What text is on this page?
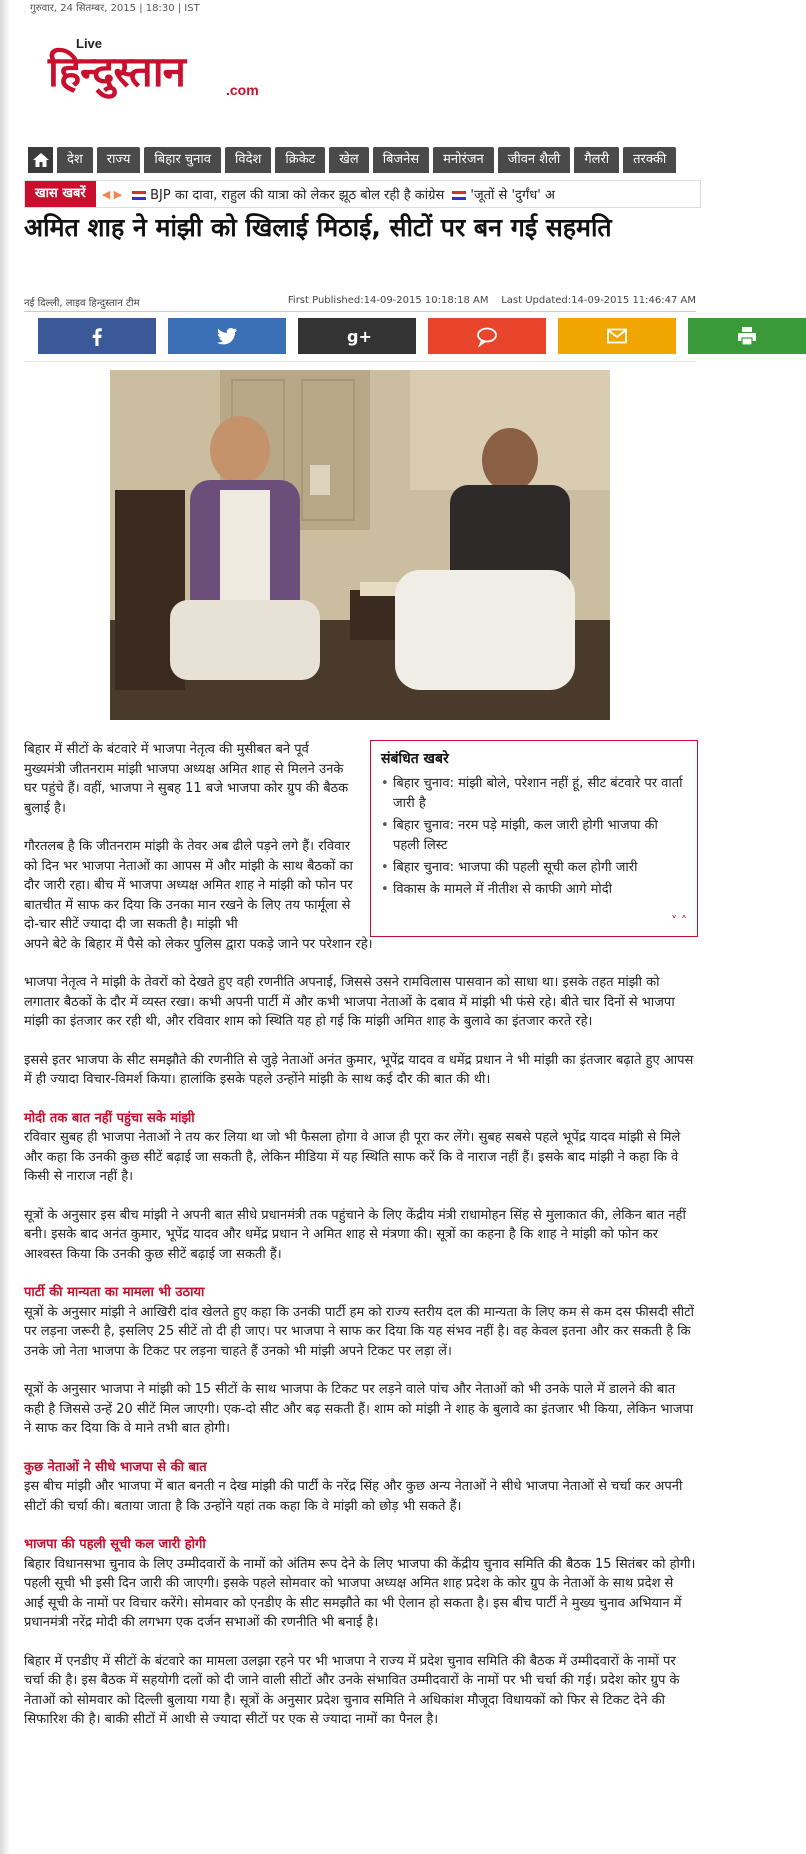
गुरुवार, 24 सितम्बर, 2015 | 18:30 | IST
Live
हिन्दुस्तान	.com
देश	राज्य	बिहार चुनाव	विदेश	क्रिकेट	खेल	बिजनेस	मनोरंजन	जीवन शैली	गैलरी	तरक्की
खास खबरें	◀ ▶	BJP का दावा, राहुल की यात्रा को लेकर झूठ बोल रही है कांग्रेस 'जूतों से 'दुर्गंध' अ
अमित शाह ने मांझी को खिलाई मिठाई, सीटों पर बन गई सहमति
नई दिल्ली, लाइव हिन्दुस्तान टीम	First Published:14-09-2015 10:18:18 AM Last Updated:14-09-2015 11:46:47 AM
g+
संबंधित खबरे
• बिहार चुनाव: मांझी बोले, परेशान नहीं हूं, सीट बंटवारे पर वार्ता जारी है
• बिहार चुनाव: नरम पड़े मांझी, कल जारी होगी भाजपा की पहली लिस्ट
• बिहार चुनाव: भाजपा की पहली सूची कल होगी जारी
• विकास के मामले में नीतीश से काफी आगे मोदी
˅ ˄

बिहार में सीटों के बंटवारे में भाजपा नेतृत्व की मुसीबत बने पूर्व मुख्यमंत्री जीतनराम मांझी भाजपा अध्यक्ष अमित शाह से मिलने उनके घर पहुंचे हैं। वहीं, भाजपा ने सुबह 11 बजे भाजपा कोर ग्रुप की बैठक बुलाई है।

गौरतलब है कि जीतनराम मांझी के तेवर अब ढीले पड़ने लगे हैं। रविवार को दिन भर भाजपा नेताओं का आपस में और मांझी के साथ बैठकों का दौर जारी रहा। बीच में भाजपा अध्यक्ष अमित शाह ने मांझी को फोन पर बातचीत में साफ कर दिया कि उनका मान रखने के लिए तय फार्मूला से दो-चार सीटें ज्यादा दी जा सकती है। मांझी भी

अपने बेटे के बिहार में पैसे को लेकर पुलिस द्वारा पकड़े जाने पर परेशान रहे।

भाजपा नेतृत्व ने मांझी के तेवरों को देखते हुए वही रणनीति अपनाई, जिससे उसने रामविलास पासवान को साधा था। इसके तहत मांझी को लगातार बैठकों के दौर में व्यस्त रखा। कभी अपनी पार्टी में और कभी भाजपा नेताओं के दबाव में मांझी भी फंसे रहे। बीते चार दिनों से भाजपा मांझी का इंतजार कर रही थी, और रविवार शाम को स्थिति यह हो गई कि मांझी अमित शाह के बुलावे का इंतजार करते रहे।

इससे इतर भाजपा के सीट समझौते की रणनीति से जुड़े नेताओं अनंत कुमार, भूपेंद्र यादव व धमेंद्र प्रधान ने भी मांझी का इंतजार बढ़ाते हुए आपस में ही ज्यादा विचार-विमर्श किया। हालांकि इसके पहले उन्होंने मांझी के साथ कई दौर की बात की थी।

मोदी तक बात नहीं पहुंचा सके मांझी

रविवार सुबह ही भाजपा नेताओं ने तय कर लिया था जो भी फैसला होगा वे आज ही पूरा कर लेंगे। सुबह सबसे पहले भूपेंद्र यादव मांझी से मिले और कहा कि उनकी कुछ सीटें बढ़ाई जा सकती है, लेकिन मीडिया में यह स्थिति साफ करें कि वे नाराज नहीं हैं। इसके बाद मांझी ने कहा कि वे किसी से नाराज नहीं है।

सूत्रों के अनुसार इस बीच मांझी ने अपनी बात सीधे प्रधानमंत्री तक पहुंचाने के लिए केंद्रीय मंत्री राधामोहन सिंह से मुलाकात की, लेकिन बात नहीं बनी। इसके बाद अनंत कुमार, भूपेंद्र यादव और धमेंद्र प्रधान ने अमित शाह से मंत्रणा की। सूत्रों का कहना है कि शाह ने मांझी को फोन कर आश्वस्त किया कि उनकी कुछ सीटें बढ़ाई जा सकती हैं।

पार्टी की मान्यता का मामला भी उठाया

सूत्रों के अनुसार मांझी ने आखिरी दांव खेलते हुए कहा कि उनकी पार्टी हम को राज्य स्तरीय दल की मान्यता के लिए कम से कम दस फीसदी सीटों पर लड़ना जरूरी है, इसलिए 25 सीटें तो दी ही जाए। पर भाजपा ने साफ कर दिया कि यह संभव नहीं है। वह केवल इतना और कर सकती है कि उनके जो नेता भाजपा के टिकट पर लड़ना चाहते हैं उनको भी मांझी अपने टिकट पर लड़ा लें।

सूत्रों के अनुसार भाजपा ने मांझी को 15 सीटों के साथ भाजपा के टिकट पर लड़ने वाले पांच और नेताओं को भी उनके पाले में डालने की बात कही है जिससे उन्हें 20 सीटें मिल जाएगी। एक-दो सीट और बढ़ सकती हैं। शाम को मांझी ने शाह के बुलावे का इंतजार भी किया, लेकिन भाजपा ने साफ कर दिया कि वे माने तभी बात होगी।

कुछ नेताओं ने सीधे भाजपा से की बात

इस बीच मांझी और भाजपा में बात बनती न देख मांझी की पार्टी के नरेंद्र सिंह और कुछ अन्य नेताओं ने सीधे भाजपा नेताओं से चर्चा कर अपनी सीटों की चर्चा की। बताया जाता है कि उन्होंने यहां तक कहा कि वे मांझी को छोड़ भी सकते हैं।

भाजपा की पहली सूची कल जारी होगी

बिहार विधानसभा चुनाव के लिए उम्मीदवारों के नामों को अंतिम रूप देने के लिए भाजपा की केंद्रीय चुनाव समिति की बैठक 15 सितंबर को होगी। पहली सूची भी इसी दिन जारी की जाएगी। इसके पहले सोमवार को भाजपा अध्यक्ष अमित शाह प्रदेश के कोर ग्रुप के नेताओं के साथ प्रदेश से आई सूची के नामों पर विचार करेंगे। सोमवार को एनडीए के सीट समझौते का भी ऐलान हो सकता है। इस बीच पार्टी ने मुख्य चुनाव अभियान में प्रधानमंत्री नरेंद्र मोदी की लगभग एक दर्जन सभाओं की रणनीति भी बनाई है।

बिहार में एनडीए में सीटों के बंटवारे का मामला उलझा रहने पर भी भाजपा ने राज्य में प्रदेश चुनाव समिति की बैठक में उम्मीदवारों के नामों पर चर्चा की है। इस बैठक में सहयोगी दलों को दी जाने वाली सीटों और उनके संभावित उम्मीदवारों के नामों पर भी चर्चा की गई। प्रदेश कोर ग्रुप के नेताओं को सोमवार को दिल्ली बुलाया गया है। सूत्रों के अनुसार प्रदेश चुनाव समिति ने अधिकांश मौजूदा विधायकों को फिर से टिकट देने की सिफारिश की है। बाकी सीटों में आधी से ज्यादा सीटों पर एक से ज्यादा नामों का पैनल है।
